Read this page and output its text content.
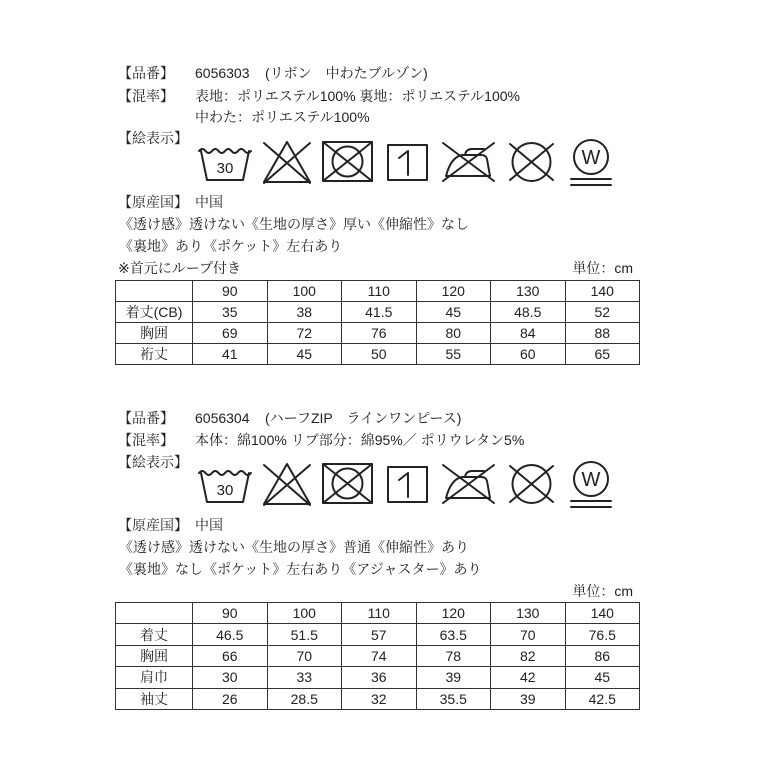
【品番】 6056303 (リボン　中わたブルゾン)
【混率】 表地：ポリエステル100% 裏地：ポリエステル100%
中わた：ポリエステル100%
【絵表示】
30	W
【原産国】 中国
《透け感》透けない《生地の厚さ》厚い《伸縮性》なし
《裏地》あり《ポケット》左右あり
※首元にループ付き	単位：cm
	90	100	110	120	130	140
着丈(CB)	35	38	41.5	45	48.5	52
胸囲	69	72	76	80	84	88
裄丈	41	45	50	55	60	65
【品番】 6056304 (ハーフZIP　ラインワンピース)
【混率】 本体：綿100% リブ部分：綿95%／ ポリウレタン5%
【絵表示】
30	W
【原産国】 中国
《透け感》透けない《生地の厚さ》普通《伸縮性》あり
《裏地》なし《ポケット》左右あり《アジャスター》あり
単位：cm
	90	100	110	120	130	140
着丈	46.5	51.5	57	63.5	70	76.5
胸囲	66	70	74	78	82	86
肩巾	30	33	36	39	42	45
袖丈	26	28.5	32	35.5	39	42.5
